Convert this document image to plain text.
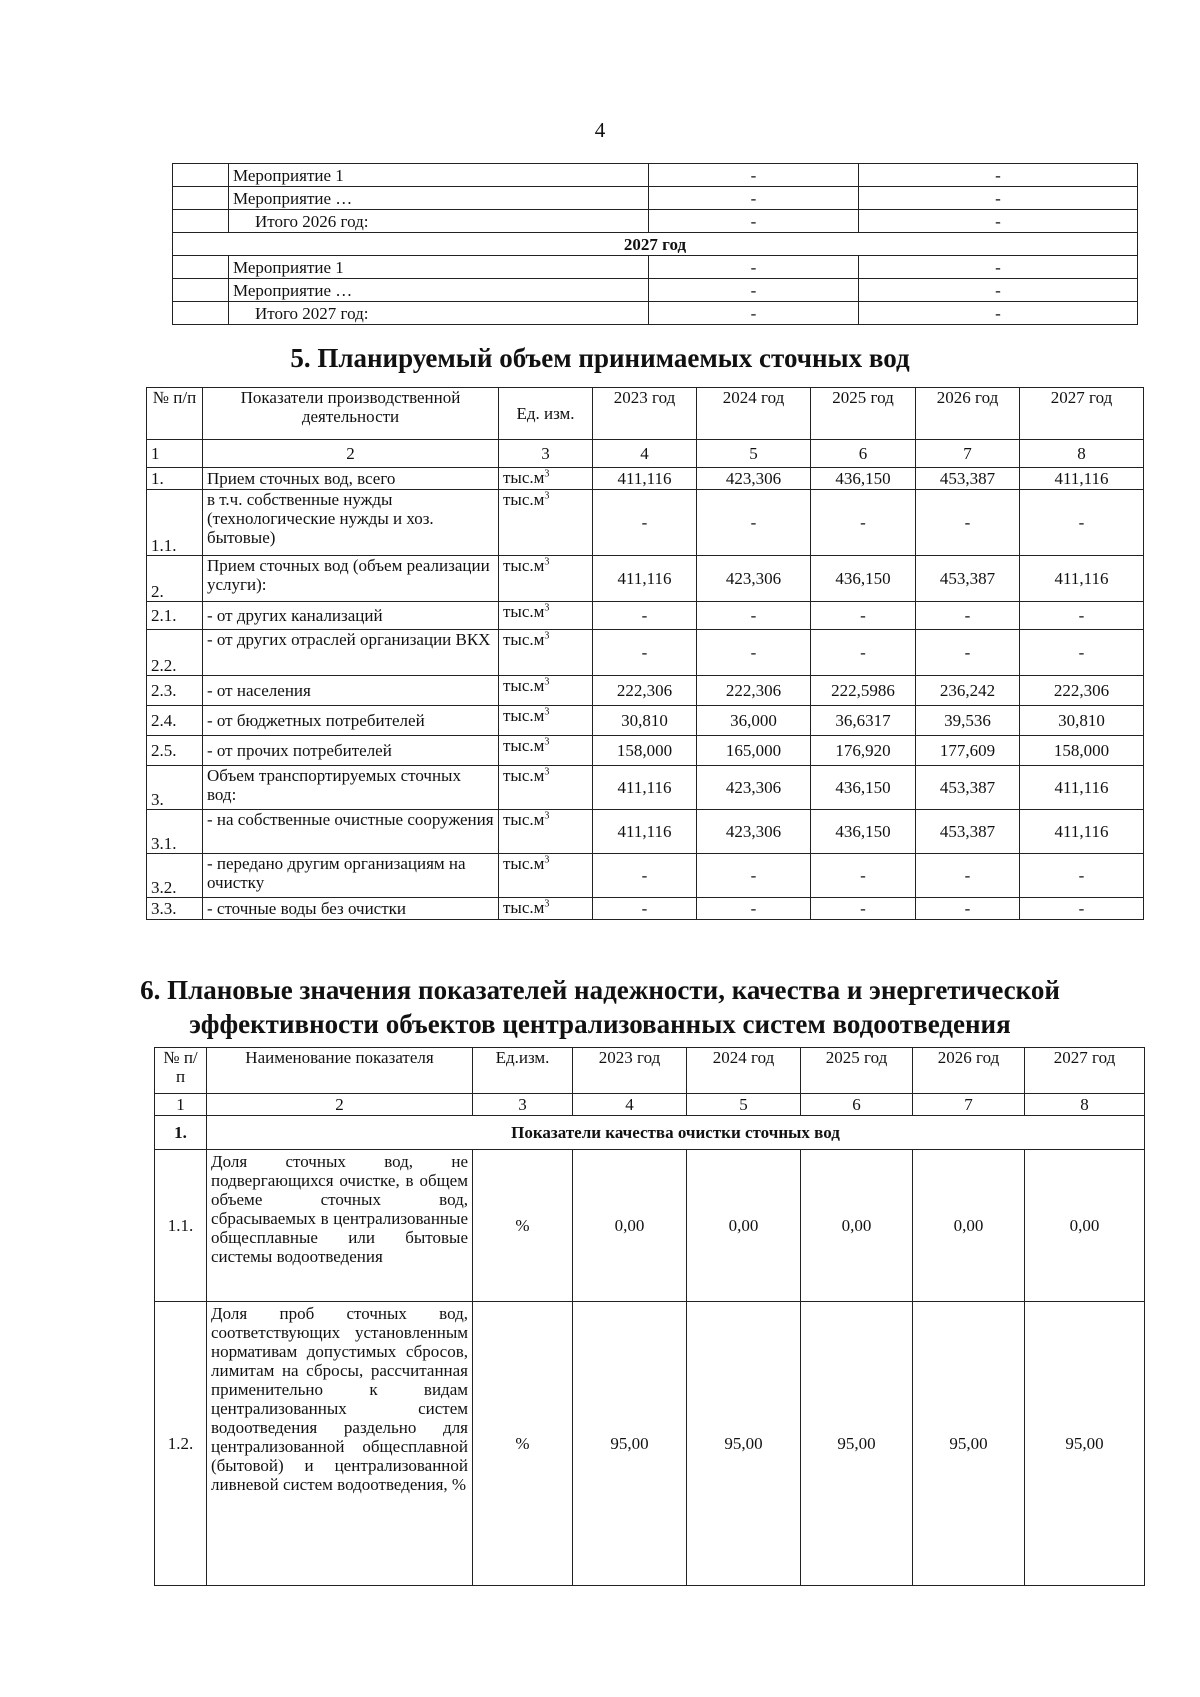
4
	Мероприятие 1	-	-
	Мероприятие …	-	-
	Итого 2026 год:	-	-
2027 год			
	Мероприятие 1	-	-
	Мероприятие …	-	-
	Итого 2027 год:	-	-
5. Планируемый объем принимаемых сточных вод
№ п/п	Показатели производственной деятельности	Ед. изм.	2023 год	2024 год	2025 год	2026 год	2027 год
1	2	3	4	5	6	7	8
1.	Прием сточных вод, всего	$тыс.м^3$	411,116	423,306	436,150	453,387	411,116
1.1.	в т.ч. собственные нужды (технологические нужды и хоз. бытовые)	$тыс.м^3$	-	-	-	-	-
2.	Прием сточных вод (объем реализации услуги):	$тыс.м^3$	411,116	423,306	436,150	453,387	411,116
2.1.	- от других канализаций	$тыс.м^3$	-	-	-	-	-
2.2.	- от других отраслей организации ВКХ	$тыс.м^3$	-	-	-	-	-
2.3.	- от населения	$тыс.м^3$	222,306	222,306	222,5986	236,242	222,306
2.4.	- от бюджетных потребителей	$тыс.м^3$	30,810	36,000	36,6317	39,536	30,810
2.5.	- от прочих потребителей	$тыс.м^3$	158,000	165,000	176,920	177,609	158,000
3.	Объем транспортируемых сточных вод:	$тыс.м^3$	411,116	423,306	436,150	453,387	411,116
3.1.	- на собственные очистные сооружения	$тыс.м^3$	411,116	423,306	436,150	453,387	411,116
3.2.	- передано другим организациям на очистку	$тыс.м^3$	-	-	-	-	-
3.3.	- сточные воды без очистки	$тыс.м^3$	-	-	-	-	-
6. Плановые значения показателей надежности, качества и энергетической
эффективности объектов централизованных систем водоотведения
№ п/п	Наименование показателя	Ед.изм.	2023 год	2024 год	2025 год	2026 год	2027 год
1	2	3	4	5	6	7	8
1.	Показатели качества очистки сточных вод						
1.1.	Доля сточных вод, не подвергающихся очистке, в общем объеме сточных вод, сбрасываемых в централизованные общесплавные или бытовые системы водоотведения	%	0,00	0,00	0,00	0,00	0,00
1.2.	Доля проб сточных вод, соответствующих установленным нормативам допустимых сбросов, лимитам на сбросы, рассчитанная применительно к видам централизованных систем водоотведения раздельно для централизованной общесплавной (бытовой) и централизованной ливневой систем водоотведения, %	%	95,00	95,00	95,00	95,00	95,00
